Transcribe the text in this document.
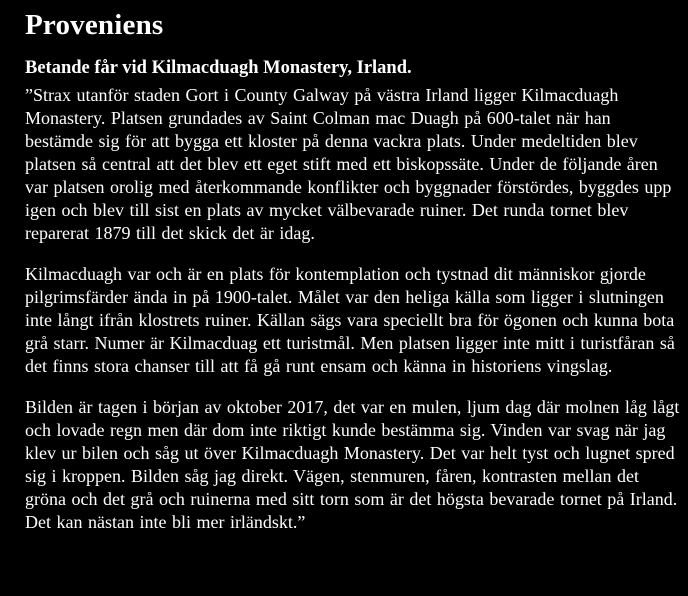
Proveniens
Betande får vid Kilmacduagh Monastery, Irland.

”Strax utanför staden Gort i County Galway på västra Irland ligger Kilmacduagh Monastery. Platsen grundades av Saint Colman mac Duagh på 600-talet när han bestämde sig för att bygga ett kloster på denna vackra plats. Under medeltiden blev platsen så central att det blev ett eget stift med ett biskopssäte. Under de följande åren var platsen orolig med återkommande konflikter och byggnader förstördes, byggdes upp igen och blev till sist en plats av mycket välbevarade ruiner. Det runda tornet blev reparerat 1879 till det skick det är idag.

Kilmacduagh var och är en plats för kontemplation och tystnad dit människor gjorde pilgrimsfärder ända in på 1900-talet. Målet var den heliga källa som ligger i slutningen inte långt ifrån klostrets ruiner. Källan sägs vara speciellt bra för ögonen och kunna bota grå starr. Numer är Kilmacduag ett turistmål. Men platsen ligger inte mitt i turistfåran så det finns stora chanser till att få gå runt ensam och känna in historiens vingslag.

Bilden är tagen i början av oktober 2017, det var en mulen, ljum dag där molnen låg lågt och lovade regn men där dom inte riktigt kunde bestämma sig. Vinden var svag när jag klev ur bilen och såg ut över Kilmacduagh Monastery. Det var helt tyst och lugnet spred sig i kroppen. Bilden såg jag direkt. Vägen, stenmuren, fåren, kontrasten mellan det gröna och det grå och ruinerna med sitt torn som är det högsta bevarade tornet på Irland. Det kan nästan inte bli mer irländskt.”
